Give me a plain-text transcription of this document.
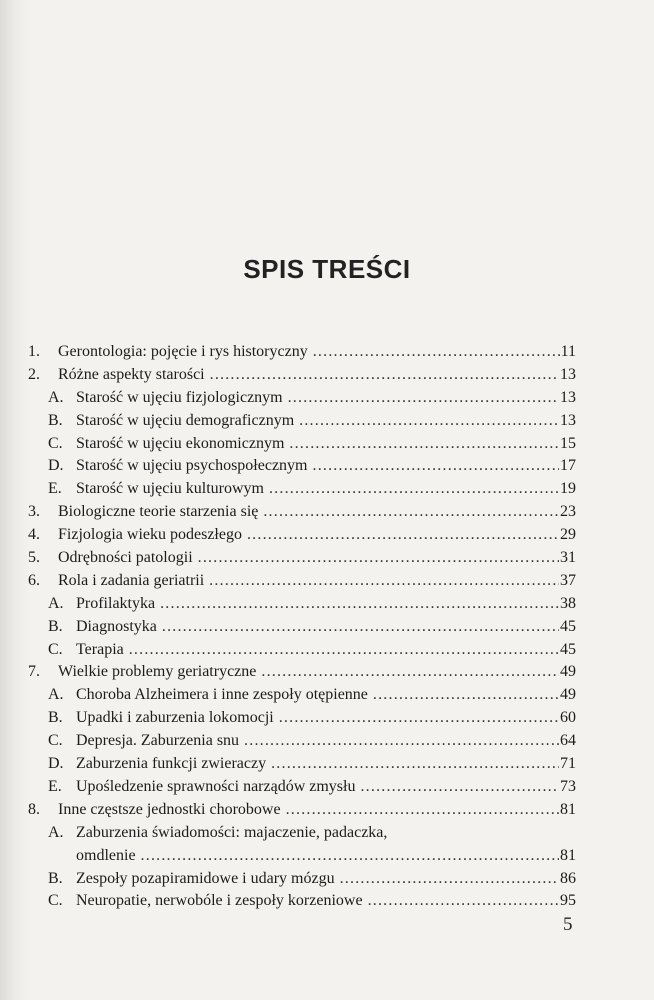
SPIS TREŚCI
1.	Gerontologia: pojęcie i rys historyczny . . .	11
2.	Różne aspekty starości . . .	13
A. Starość w ujęciu fizjologicznym . . .	13
B. Starość w ujęciu demograficznym . . .	13
C. Starość w ujęciu ekonomicznym . . .	15
D. Starość w ujęciu psychospołecznym . . .	17
E. Starość w ujęciu kulturowym . . .	19
3.	Biologiczne teorie starzenia się . . .	23
4.	Fizjologia wieku podeszłego . . .	29
5.	Odrębności patologii . . .	31
6.	Rola i zadania geriatrii . . .	37
A. Profilaktyka . . .	38
B. Diagnostyka . . .	45
C. Terapia . . .	45
7.	Wielkie problemy geriatryczne . . .	49
A. Choroba Alzheimera i inne zespoły otępienne . . .	49
B. Upadki i zaburzenia lokomocji . . .	60
C. Depresja. Zaburzenia snu . . .	64
D. Zaburzenia funkcji zwieraczy . . .	71
E. Upośledzenie sprawności narządów zmysłu . . .	73
8.	Inne częstsze jednostki chorobowe . . .	81
A. Zaburzenia świadomości: majaczenie, padaczka,
omdlenie . . .	81
B. Zespoły pozapiramidowe i udary mózgu . . .	86
C. Neuropatie, nerwobóle i zespoły korzeniowe . . .	95
5
